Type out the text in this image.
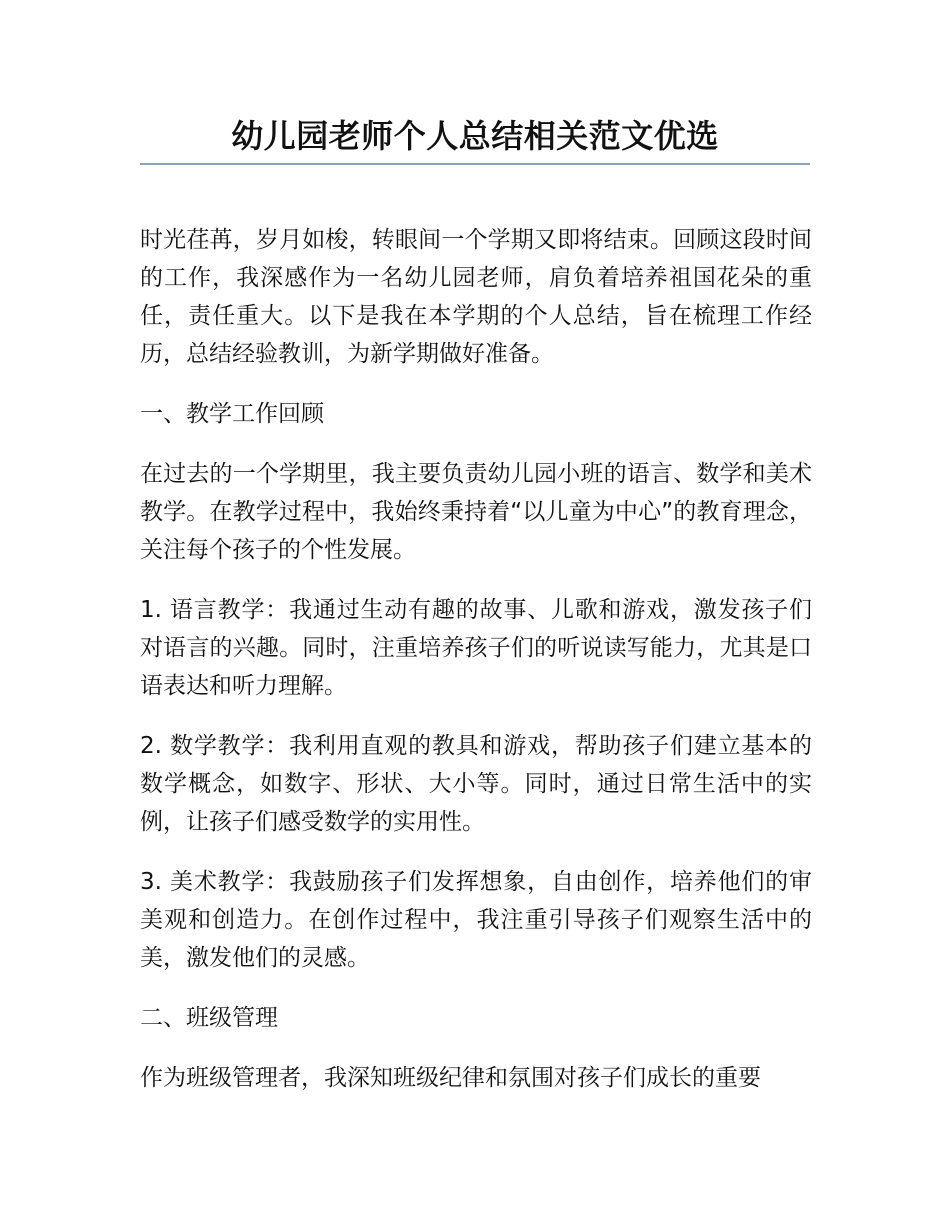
幼儿园老师个人总结相关范文优选

时光荏苒，岁月如梭，转眼间一个学期又即将结束。回顾这段时间的工作，我深感作为一名幼儿园老师，肩负着培养祖国花朵的重任，责任重大。以下是我在本学期的个人总结，旨在梳理工作经历，总结经验教训，为新学期做好准备。

一、教学工作回顾

在过去的一个学期里，我主要负责幼儿园小班的语言、数学和美术教学。在教学过程中，我始终秉持着“以儿童为中心”的教育理念，关注每个孩子的个性发展。

1. 语言教学：我通过生动有趣的故事、儿歌和游戏，激发孩子们对语言的兴趣。同时，注重培养孩子们的听说读写能力，尤其是口语表达和听力理解。

2. 数学教学：我利用直观的教具和游戏，帮助孩子们建立基本的数学概念，如数字、形状、大小等。同时，通过日常生活中的实例，让孩子们感受数学的实用性。

3. 美术教学：我鼓励孩子们发挥想象，自由创作，培养他们的审美观和创造力。在创作过程中，我注重引导孩子们观察生活中的美，激发他们的灵感。

二、班级管理

作为班级管理者，我深知班级纪律和氛围对孩子们成长的重要
